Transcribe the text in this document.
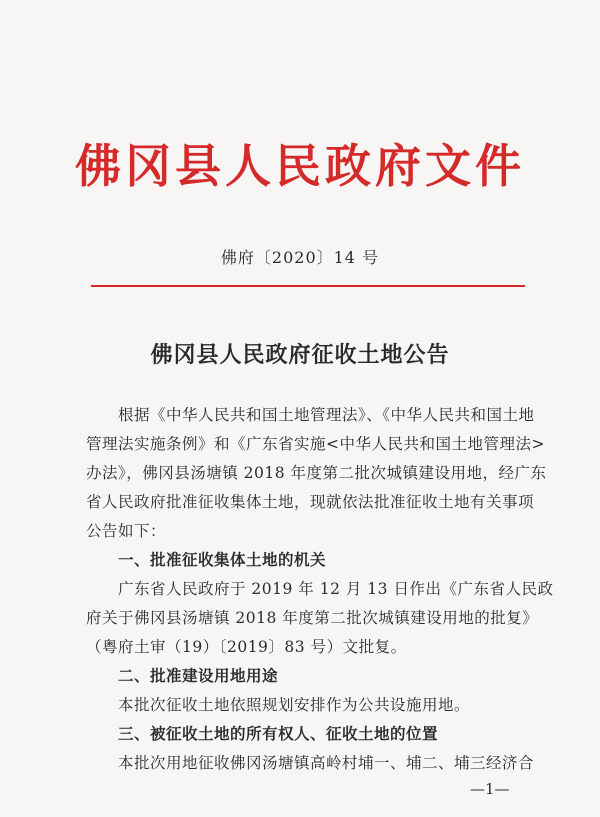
佛冈县人民政府文件
佛府〔2020〕14 号
佛冈县人民政府征收土地公告
根据《中华人民共和国土地管理法》、《中华人民共和国土地
管理法实施条例》和《广东省实施<中华人民共和国土地管理法>
办法》，佛冈县汤塘镇 2018 年度第二批次城镇建设用地，经广东
省人民政府批准征收集体土地，现就依法批准征收土地有关事项
公告如下：
一、批准征收集体土地的机关
广东省人民政府于 2019 年 12 月 13 日作出《广东省人民政
府关于佛冈县汤塘镇 2018 年度第二批次城镇建设用地的批复》
（粤府土审（19）〔2019〕83 号）文批复。
二、批准建设用地用途
本批次征收土地依照规划安排作为公共设施用地。
三、被征收土地的所有权人、征收土地的位置
本批次用地征收佛冈汤塘镇高岭村埔一、埔二、埔三经济合
—1—
